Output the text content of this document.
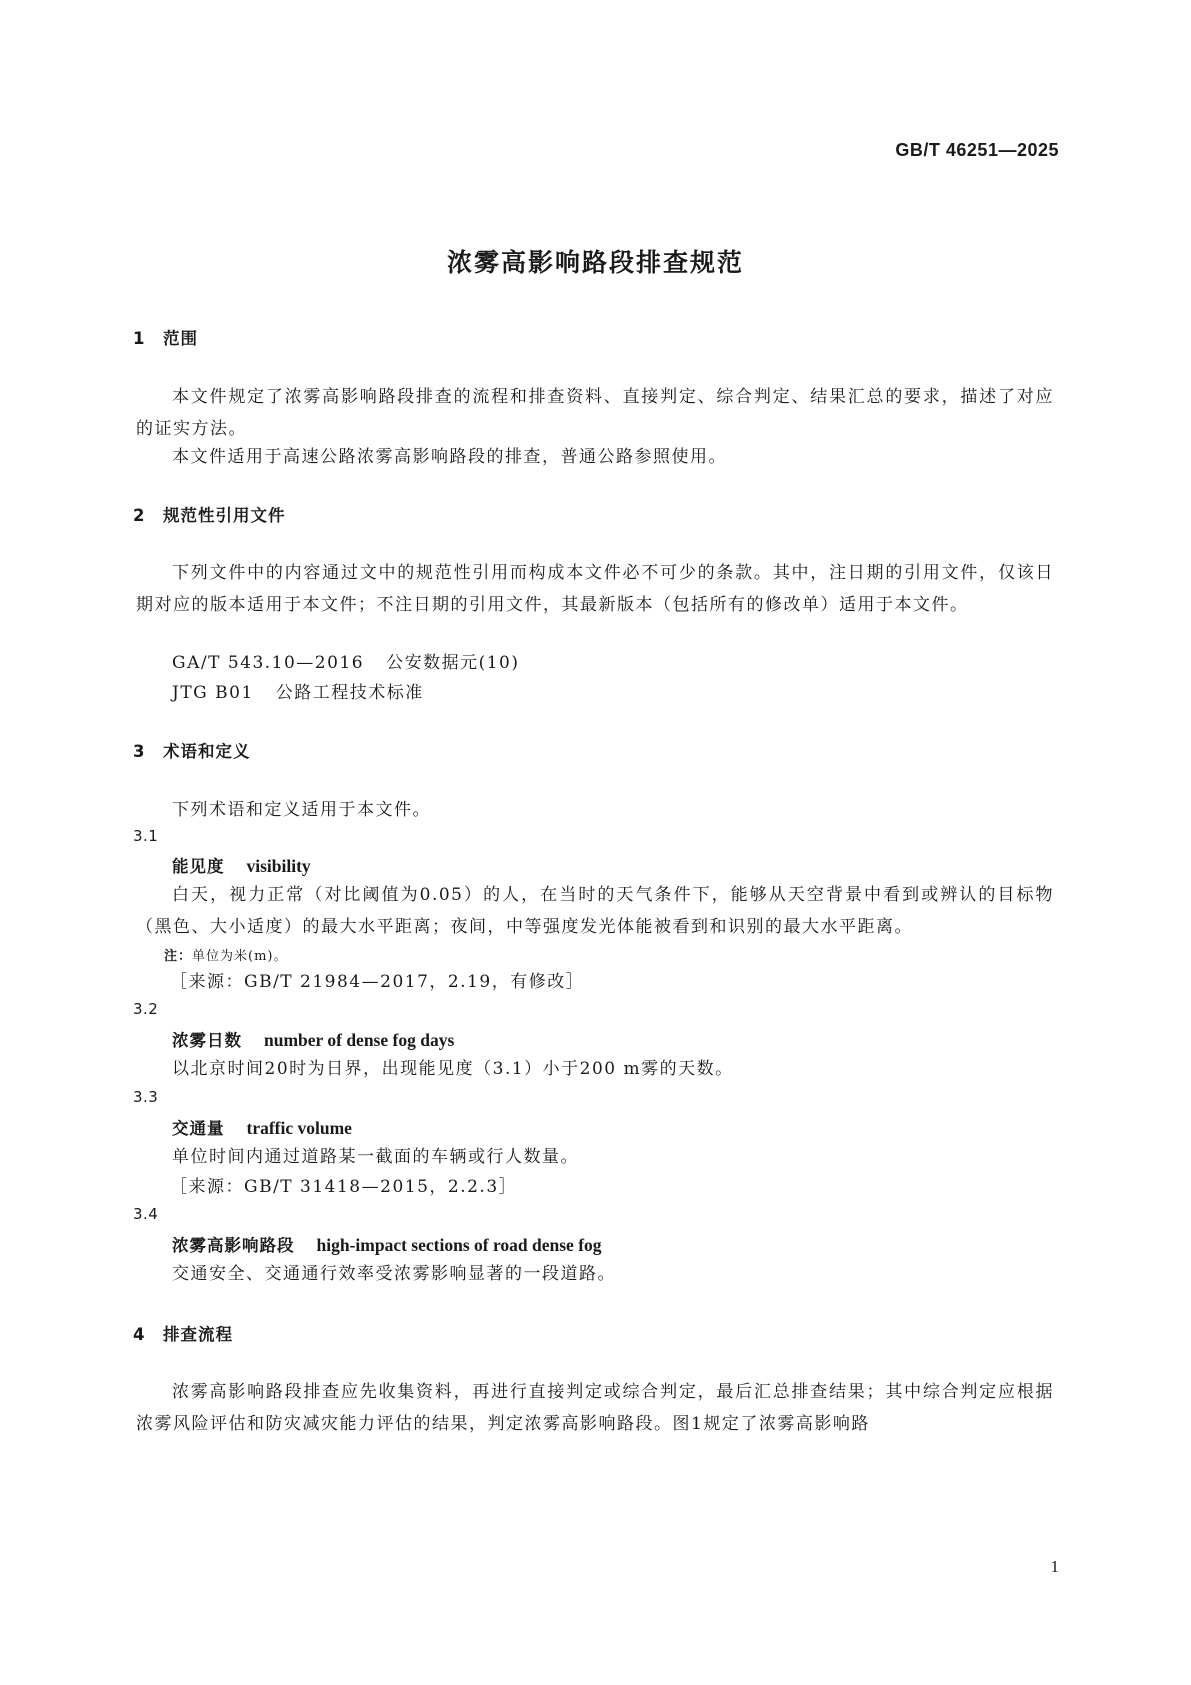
GB/T 46251—2025
浓雾高影响路段排查规范
1 范围
本文件规定了浓雾高影响路段排查的流程和排查资料、直接判定、综合判定、结果汇总的要求，描述了对应的证实方法。
本文件适用于高速公路浓雾高影响路段的排查，普通公路参照使用。
2 规范性引用文件
下列文件中的内容通过文中的规范性引用而构成本文件必不可少的条款。其中，注日期的引用文件，仅该日期对应的版本适用于本文件；不注日期的引用文件，其最新版本（包括所有的修改单）适用于本文件。
GA/T 543.10—2016 公安数据元(10)
JTG B01 公路工程技术标准
3 术语和定义
下列术语和定义适用于本文件。
3.1
能见度 visibility
白天，视力正常（对比阈值为0.05）的人，在当时的天气条件下，能够从天空背景中看到或辨认的目标物（黑色、大小适度）的最大水平距离；夜间，中等强度发光体能被看到和识别的最大水平距离。
注：单位为米(m)。
［来源：GB/T 21984—2017，2.19，有修改］
3.2
浓雾日数 number of dense fog days
以北京时间20时为日界，出现能见度（3.1）小于200 m雾的天数。
3.3
交通量 traffic volume
单位时间内通过道路某一截面的车辆或行人数量。
［来源：GB/T 31418—2015，2.2.3］
3.4
浓雾高影响路段 high-impact sections of road dense fog
交通安全、交通通行效率受浓雾影响显著的一段道路。
4 排查流程
浓雾高影响路段排查应先收集资料，再进行直接判定或综合判定，最后汇总排查结果；其中综合判定应根据浓雾风险评估和防灾减灾能力评估的结果，判定浓雾高影响路段。图1规定了浓雾高影响路
1
